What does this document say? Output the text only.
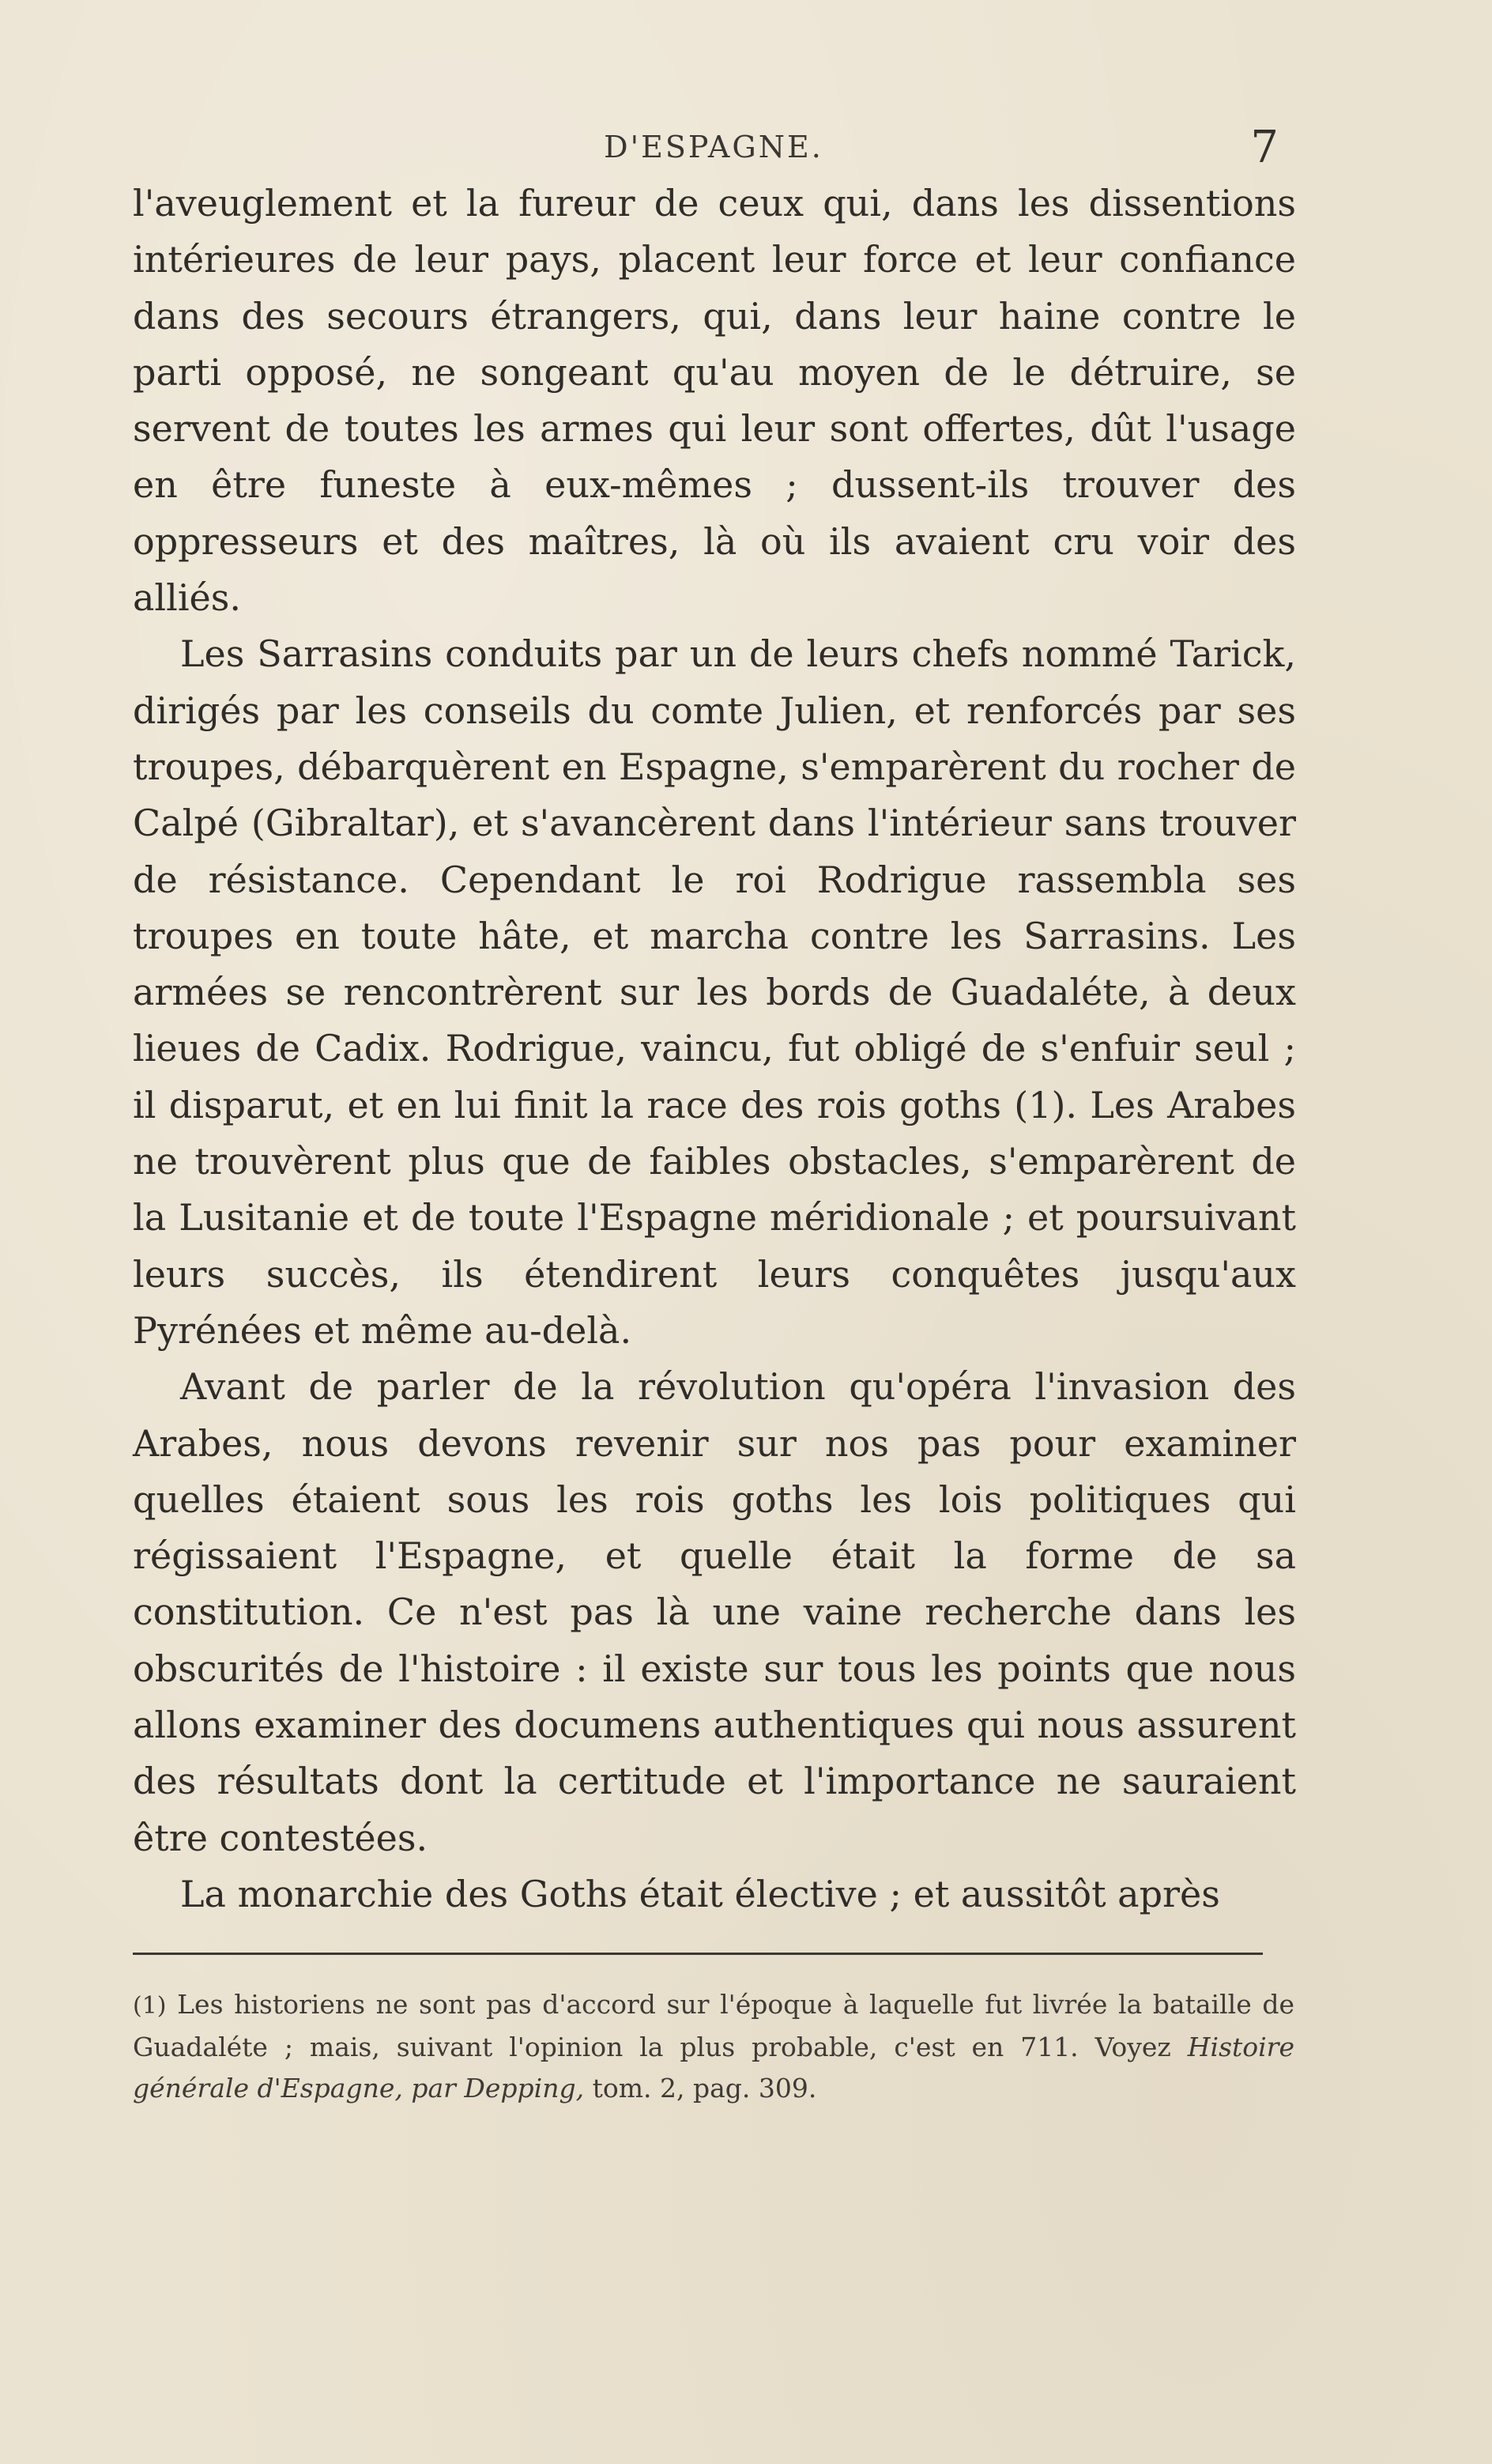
D'ESPAGNE.	7

l'aveuglement et la fureur de ceux qui, dans les dissentions intérieures de leur pays, placent leur force et leur confiance dans des secours étrangers, qui, dans leur haine contre le parti opposé, ne songeant qu'au moyen de le détruire, se servent de toutes les armes qui leur sont offertes, dût l'usage en être funeste à eux-mêmes ; dussent-ils trouver des oppresseurs et des maîtres, là où ils avaient cru voir des alliés.

Les Sarrasins conduits par un de leurs chefs nommé Tarick, dirigés par les conseils du comte Julien, et renforcés par ses troupes, débarquèrent en Espagne, s'emparèrent du rocher de Calpé (Gibraltar), et s'avancèrent dans l'intérieur sans trouver de résistance. Cependant le roi Rodrigue rassembla ses troupes en toute hâte, et marcha contre les Sarrasins. Les armées se rencontrèrent sur les bords de Guadaléte, à deux lieues de Cadix. Rodrigue, vaincu, fut obligé de s'enfuir seul ; il disparut, et en lui finit la race des rois goths (1). Les Arabes ne trouvèrent plus que de faibles obstacles, s'emparèrent de la Lusitanie et de toute l'Espagne méridionale ; et poursuivant leurs succès, ils étendirent leurs conquêtes jusqu'aux Pyrénées et même au-delà.

Avant de parler de la révolution qu'opéra l'invasion des Arabes, nous devons revenir sur nos pas pour examiner quelles étaient sous les rois goths les lois politiques qui régissaient l'Espagne, et quelle était la forme de sa constitution. Ce n'est pas là une vaine recherche dans les obscurités de l'histoire : il existe sur tous les points que nous allons examiner des documens authentiques qui nous assurent des résultats dont la certitude et l'importance ne sauraient être contestées.

La monarchie des Goths était élective ; et aussitôt après

(1) Les historiens ne sont pas d'accord sur l'époque à laquelle fut livrée la bataille de Guadaléte ; mais, suivant l'opinion la plus probable, c'est en 711. Voyez Histoire générale d'Espagne, par Depping, tom. 2, pag. 309.
